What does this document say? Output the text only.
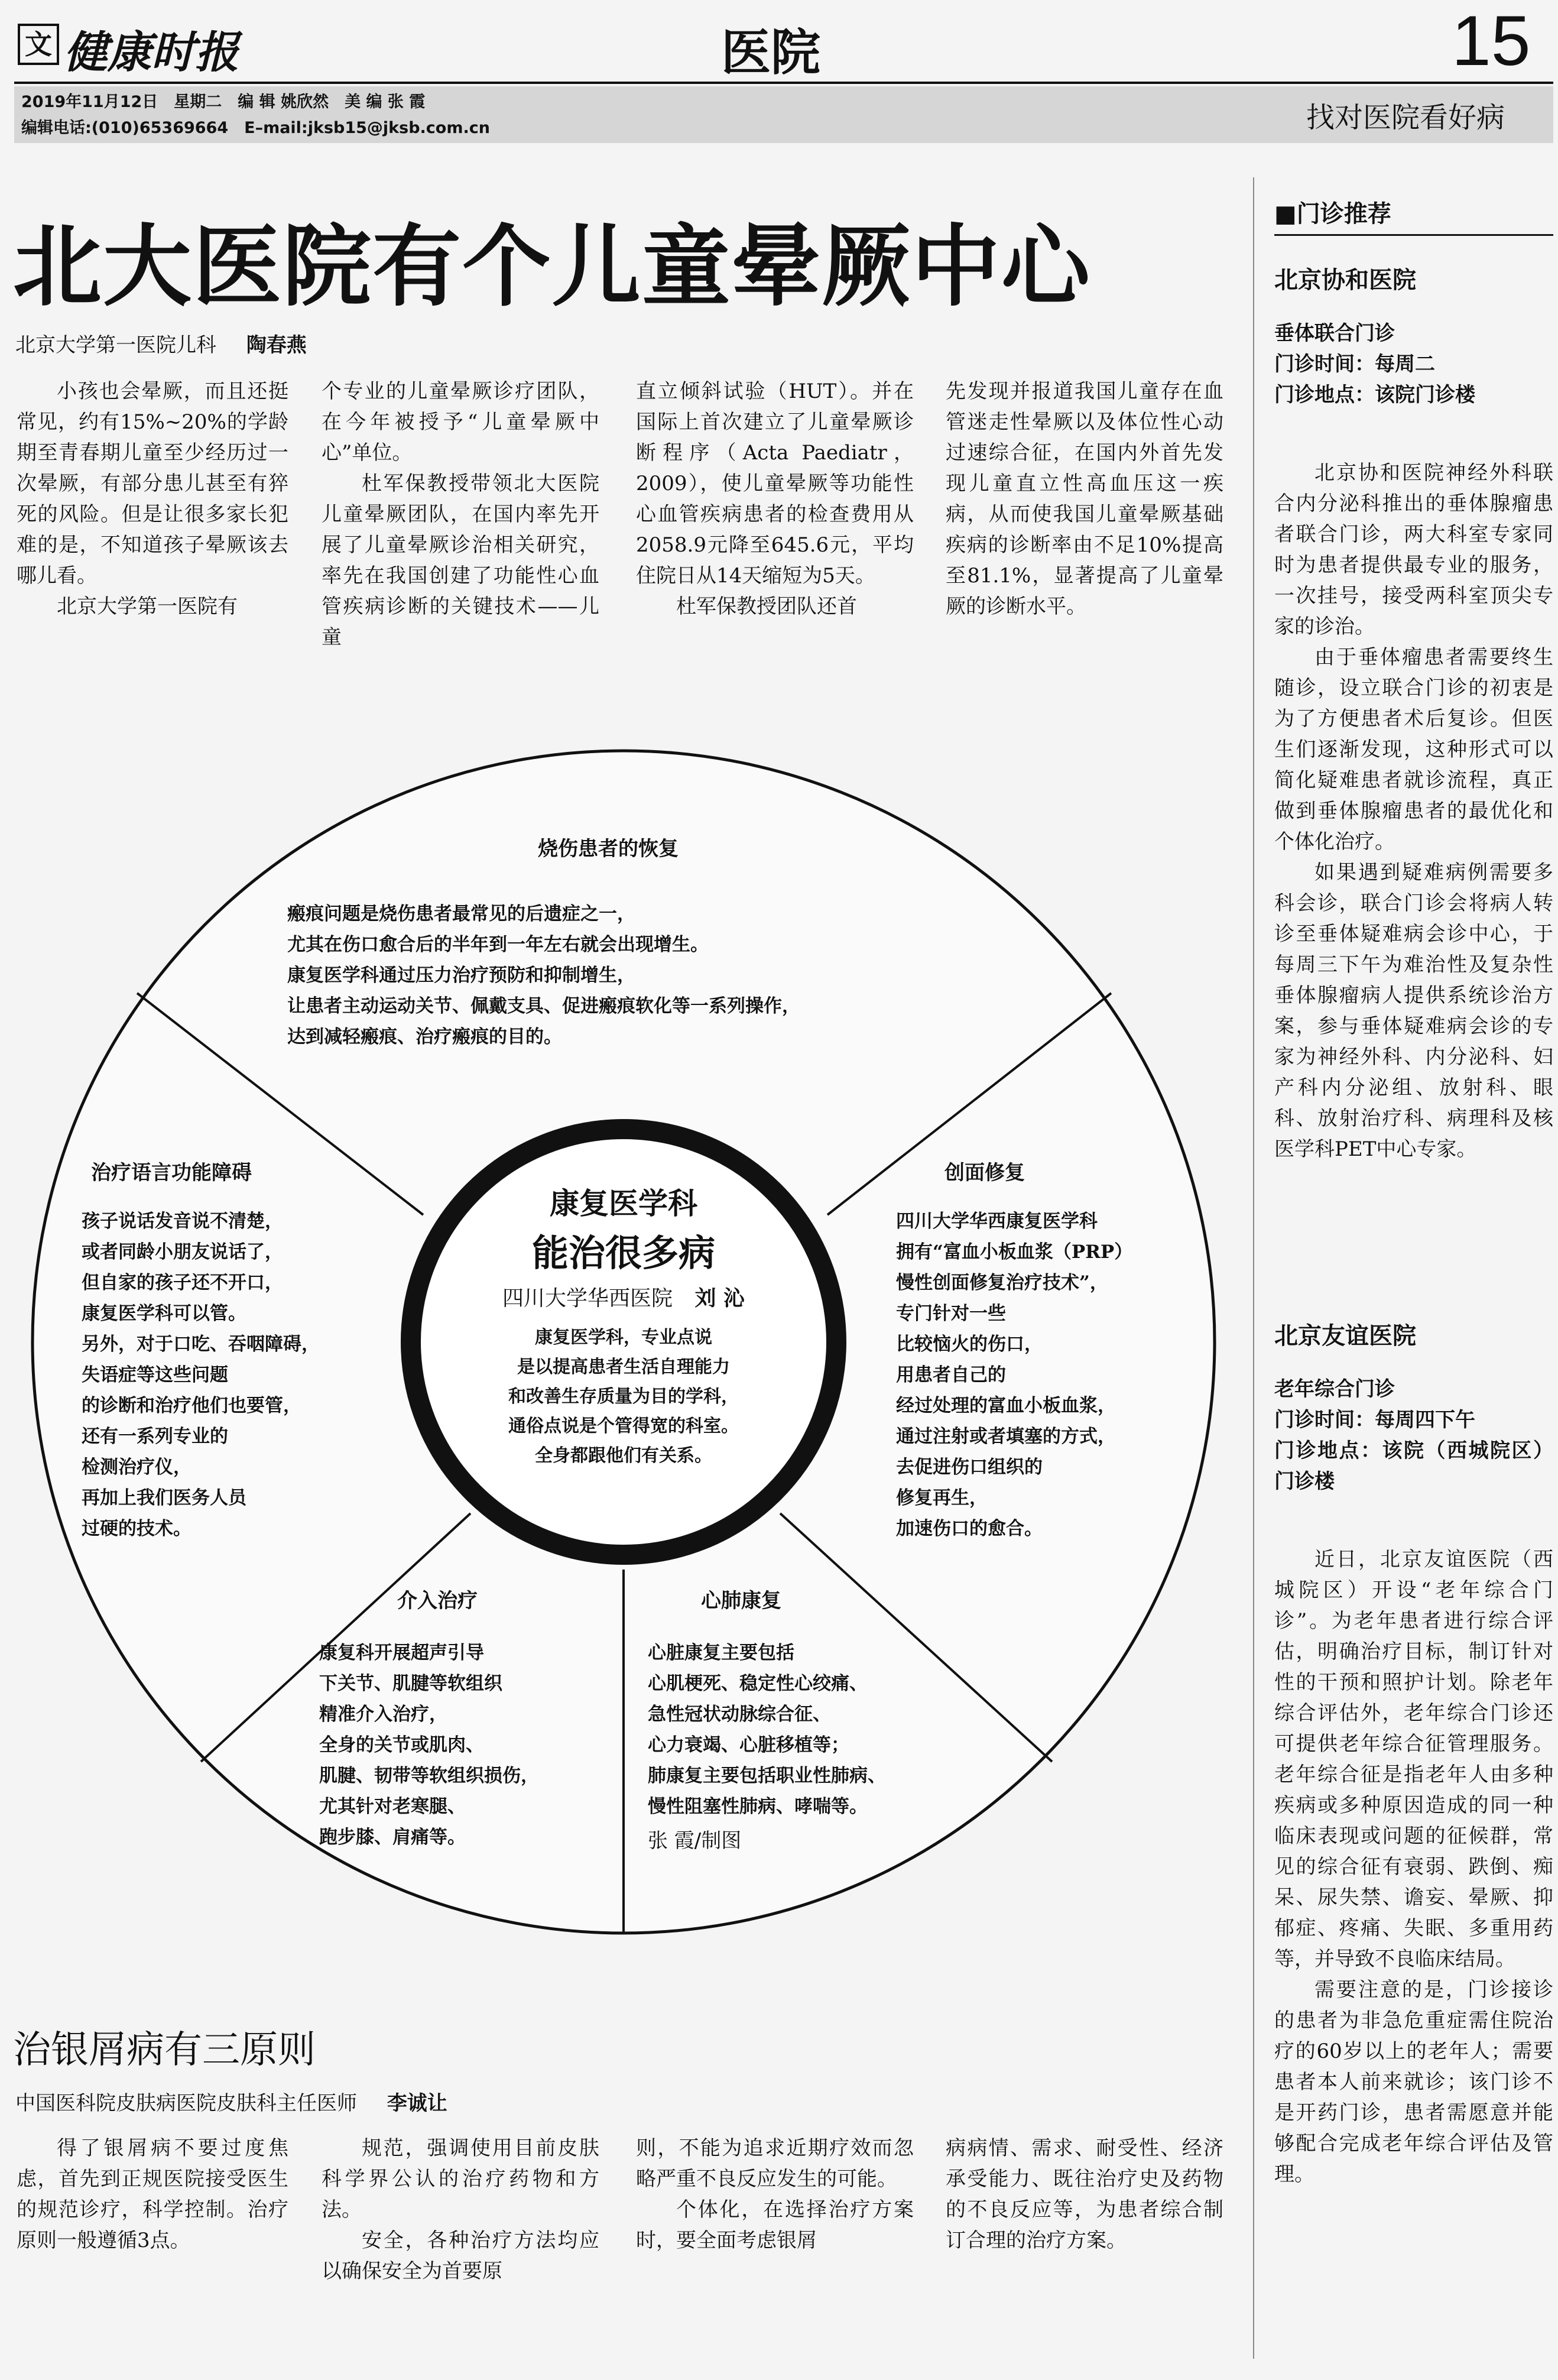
文 健康时报	医院	15
2019年11月12日　星期二　编 辑 姚欣然　美 编 张 霞
编辑电话:(010)65369664　E–mail:jksb15@jksb.com.cn	找对医院看好病
北大医院有个儿童晕厥中心
北京大学第一医院儿科 陶春燕

小孩也会晕厥，而且还挺常见，约有15%~20%的学龄期至青春期儿童至少经历过一次晕厥，有部分患儿甚至有猝死的风险。但是让很多家长犯难的是，不知道孩子晕厥该去哪儿看。

北京大学第一医院有

个专业的儿童晕厥诊疗团队，在今年被授予“儿童晕厥中心”单位。

杜军保教授带领北大医院儿童晕厥团队，在国内率先开展了儿童晕厥诊治相关研究，率先在我国创建了功能性心血管疾病诊断的关键技术——儿童

直立倾斜试验（HUT）。并在国际上首次建立了儿童晕厥诊断程序（Acta Paediatr，2009），使儿童晕厥等功能性心血管疾病患者的检查费用从2058.9元降至645.6元，平均住院日从14天缩短为5天。

杜军保教授团队还首

先发现并报道我国儿童存在血管迷走性晕厥以及体位性心动过速综合征，在国内外首先发现儿童直立性高血压这一疾病，从而使我国儿童晕厥基础疾病的诊断率由不足10%提高至81.1%，显著提高了儿童晕厥的诊断水平。

康复医学科
能治很多病
四川大学华西医院 刘 沁
康复医学科，专业点说
是以提高患者生活自理能力
和改善生存质量为目的学科，
通俗点说是个管得宽的科室。
全身都跟他们有关系。
烧伤患者的恢复
瘢痕问题是烧伤患者最常见的后遗症之一，
尤其在伤口愈合后的半年到一年左右就会出现增生。
康复医学科通过压力治疗预防和抑制增生，
让患者主动运动关节、佩戴支具、促进瘢痕软化等一系列操作，
达到减轻瘢痕、治疗瘢痕的目的。
治疗语言功能障碍
孩子说话发音说不清楚，
或者同龄小朋友说话了，
但自家的孩子还不开口，
康复医学科可以管。
另外，对于口吃、吞咽障碍，
失语症等这些问题
的诊断和治疗他们也要管，
还有一系列专业的
检测治疗仪，
再加上我们医务人员
过硬的技术。
创面修复
四川大学华西康复医学科
拥有“富血小板血浆（PRP）
慢性创面修复治疗技术”，
专门针对一些
比较恼火的伤口，
用患者自己的
经过处理的富血小板血浆，
通过注射或者填塞的方式，
去促进伤口组织的
修复再生，
加速伤口的愈合。
介入治疗
康复科开展超声引导
下关节、肌腱等软组织
精准介入治疗，
全身的关节或肌肉、
肌腱、韧带等软组织损伤，
尤其针对老寒腿、
跑步膝、肩痛等。
心肺康复
心脏康复主要包括
心肌梗死、稳定性心绞痛、
急性冠状动脉综合征、
心力衰竭、心脏移植等；
肺康复主要包括职业性肺病、
慢性阻塞性肺病、哮喘等。
张 霞/制图
治银屑病有三原则
中国医科院皮肤病医院皮肤科主任医师 李诚让

得了银屑病不要过度焦虑，首先到正规医院接受医生的规范诊疗，科学控制。治疗原则一般遵循3点。

规范，强调使用目前皮肤科学界公认的治疗药物和方法。

安全，各种治疗方法均应以确保安全为首要原

则，不能为追求近期疗效而忽略严重不良反应发生的可能。

个体化，在选择治疗方案时，要全面考虑银屑

病病情、需求、耐受性、经济承受能力、既往治疗史及药物的不良反应等，为患者综合制订合理的治疗方案。

■门诊推荐
北京协和医院
垂体联合门诊
门诊时间：每周二
门诊地点：该院门诊楼

北京协和医院神经外科联合内分泌科推出的垂体腺瘤患者联合门诊，两大科室专家同时为患者提供最专业的服务，一次挂号，接受两科室顶尖专家的诊治。

由于垂体瘤患者需要终生随诊，设立联合门诊的初衷是为了方便患者术后复诊。但医生们逐渐发现，这种形式可以简化疑难患者就诊流程，真正做到垂体腺瘤患者的最优化和个体化治疗。

如果遇到疑难病例需要多科会诊，联合门诊会将病人转诊至垂体疑难病会诊中心，于每周三下午为难治性及复杂性垂体腺瘤病人提供系统诊治方案，参与垂体疑难病会诊的专家为神经外科、内分泌科、妇产科内分泌组、放射科、眼科、放射治疗科、病理科及核医学科PET中心专家。

北京友谊医院
老年综合门诊
门诊时间：每周四下午
门诊地点：该院（西城院区）门诊楼

近日，北京友谊医院（西城院区）开设“老年综合门诊”。为老年患者进行综合评估，明确治疗目标，制订针对性的干预和照护计划。除老年综合评估外，老年综合门诊还可提供老年综合征管理服务。老年综合征是指老年人由多种疾病或多种原因造成的同一种临床表现或问题的征候群，常见的综合征有衰弱、跌倒、痴呆、尿失禁、谵妄、晕厥、抑郁症、疼痛、失眠、多重用药等，并导致不良临床结局。

需要注意的是，门诊接诊的患者为非急危重症需住院治疗的60岁以上的老年人；需要患者本人前来就诊；该门诊不是开药门诊，患者需愿意并能够配合完成老年综合评估及管理。
